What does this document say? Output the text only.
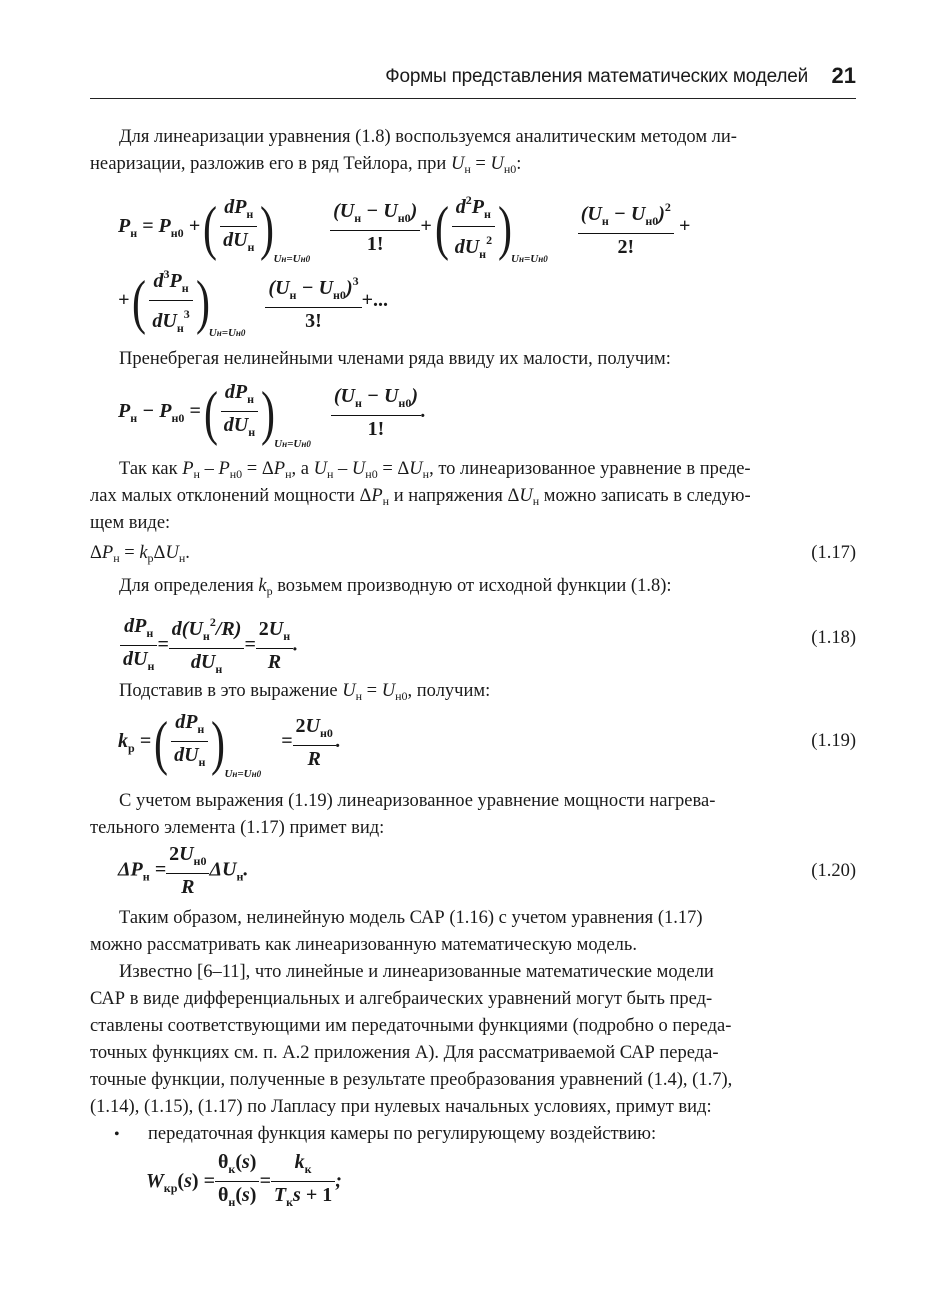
Формы представления математических моделей 21
Для линеаризации уравнения (1.8) воспользуемся аналитическим методом ли-
неаризации, разложив его в ряд Тейлора, при $U_н = U_{н0}$:
$P_н = P_{н0}$ +( $\frac{dP_н}{dU_н} )_{Uн=Uн0}$
$\frac{(U_н - U_{н0})}{1!}$ +( $\frac{d^2P_н}{dU_н^2} )_{Uн=Uн0} \frac{(U_н - U_{н0})^2}{2!}$ +
+( $\frac{d^3P_н}{dU_н^3} )_{Uн=Uн0} \frac{(U_н - U_{н0})^3}{3!}$ +...
Пренебрегая нелинейными членами ряда ввиду их малости, получим:
$P_н - P_{н0}$ =( $\frac{dP_н}{dU_н} )_{Uн=Uн0}$
$\frac{(U_н - U_{н0})}{1!}$ .
Так как $P_н - P_{н0} = \Delta P_н$, а $U_н - U_{н0} = \Delta U_н$, то линеаризованное уравнение в преде-
лах малых отклонений мощности $\Delta P_н$ и напряжения $\Delta U_н$ можно записать в следую-
щем виде:
$\Delta P_н = k_р\Delta U_н$.	(1.17)
Для определения $k_р$ возьмем производную от исходной функции (1.8):
$\frac{dP_н}{dU_н} = \frac{d(U_н^2/R)}{dU_н} = \frac{2U_н}{R}$ .	(1.18)
Подставив в это выражение $U_н = U_{н0}$, получим:
$k_р$ =( $\frac{dP_н}{dU_н} )_{Uн=Uн0}$    = $\frac{2U_{н0}}{R}$ .	(1.19)
С учетом выражения (1.19) линеаризованное уравнение мощности нагрева-
тельного элемента (1.17) примет вид:
$\Delta P_н = \frac{2U_{н0}}{R} \Delta U_н$.	(1.20)
Таким образом, нелинейную модель САР (1.16) с учетом уравнения (1.17)
можно рассматривать как линеаризованную математическую модель.
Известно [6–11], что линейные и линеаризованные математические модели
САР в виде дифференциальных и алгебраических уравнений могут быть пред-
ставлены соответствующими им передаточными функциями (подробно о переда-
точных функциях см. п. А.2 приложения А). Для рассматриваемой САР переда-
точные функции, полученные в результате преобразования уравнений (1.4), (1.7),
(1.14), (1.15), (1.17) по Лапласу при нулевых начальных условиях, примут вид:
• передаточная функция камеры по регулирующему воздействию:
$W_{кр}(s) = \frac{\theta_к(s)}{\theta_н(s)} = \frac{k_к}{T_кs + 1}$ ;
